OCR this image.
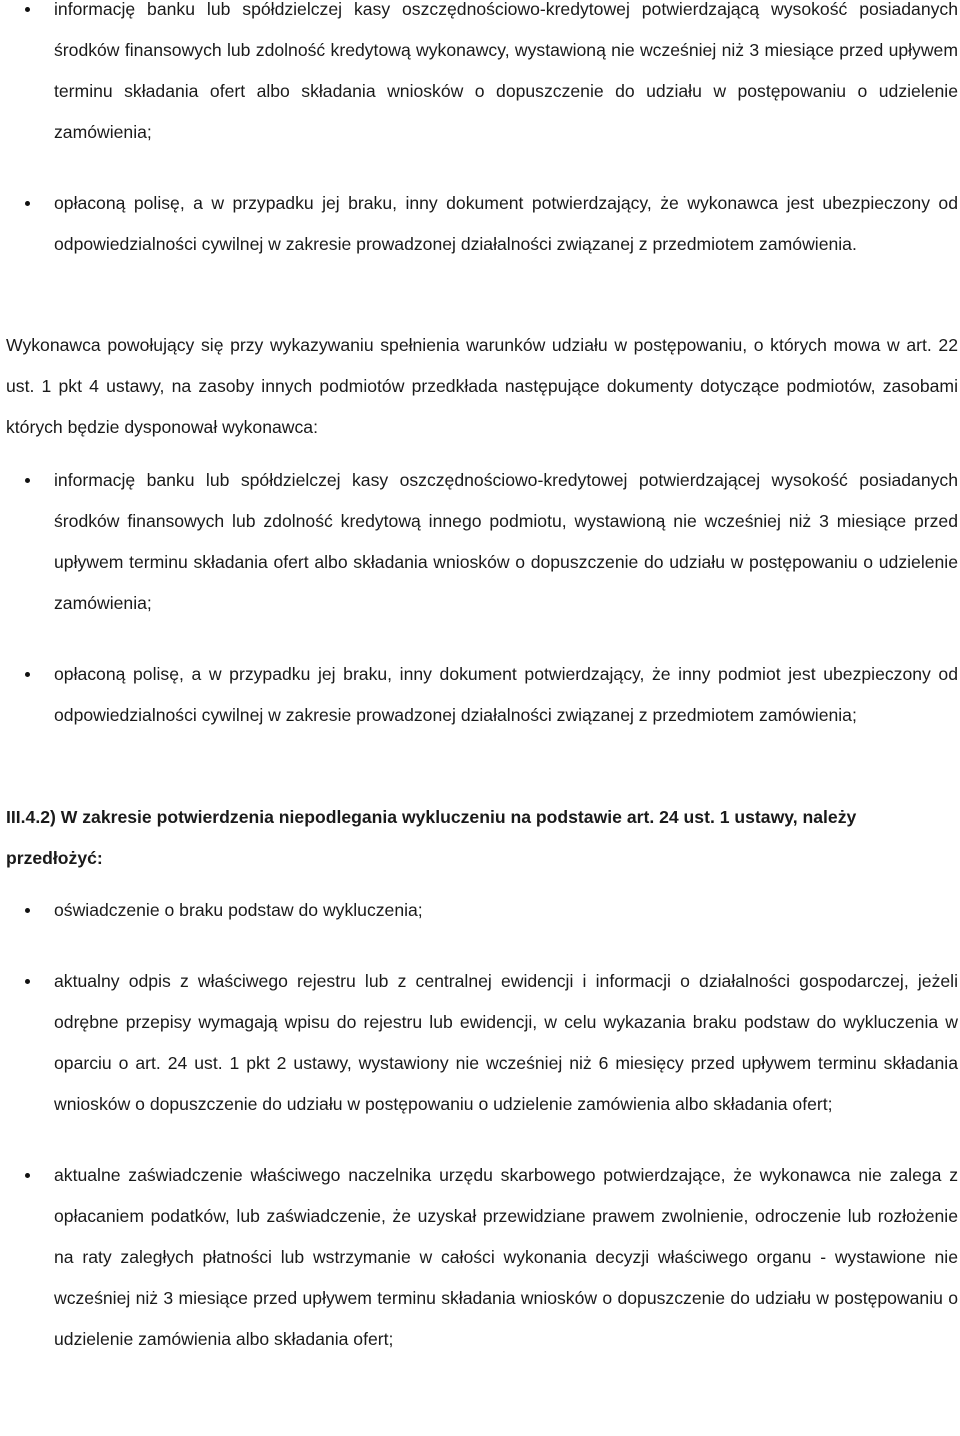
informację banku lub spółdzielczej kasy oszczędnościowo-kredytowej potwierdzającą wysokość posiadanych środków finansowych lub zdolność kredytową wykonawcy, wystawioną nie wcześniej niż 3 miesiące przed upływem terminu składania ofert albo składania wniosków o dopuszczenie do udziału w postępowaniu o udzielenie zamówienia;
opłaconą polisę, a w przypadku jej braku, inny dokument potwierdzający, że wykonawca jest ubezpieczony od odpowiedzialności cywilnej w zakresie prowadzonej działalności związanej z przedmiotem zamówienia.

Wykonawca powołujący się przy wykazywaniu spełnienia warunków udziału w postępowaniu, o których mowa w art. 22 ust. 1 pkt 4 ustawy, na zasoby innych podmiotów przedkłada następujące dokumenty dotyczące podmiotów, zasobami których będzie dysponował wykonawca:

informację banku lub spółdzielczej kasy oszczędnościowo-kredytowej potwierdzającej wysokość posiadanych środków finansowych lub zdolność kredytową innego podmiotu, wystawioną nie wcześniej niż 3 miesiące przed upływem terminu składania ofert albo składania wniosków o dopuszczenie do udziału w postępowaniu o udzielenie zamówienia;
opłaconą polisę, a w przypadku jej braku, inny dokument potwierdzający, że inny podmiot jest ubezpieczony od odpowiedzialności cywilnej w zakresie prowadzonej działalności związanej z przedmiotem zamówienia;

III.4.2) W zakresie potwierdzenia niepodlegania wykluczeniu na podstawie art. 24 ust. 1 ustawy, należy przedłożyć:

oświadczenie o braku podstaw do wykluczenia;
aktualny odpis z właściwego rejestru lub z centralnej ewidencji i informacji o działalności gospodarczej, jeżeli odrębne przepisy wymagają wpisu do rejestru lub ewidencji, w celu wykazania braku podstaw do wykluczenia w oparciu o art. 24 ust. 1 pkt 2 ustawy, wystawiony nie wcześniej niż 6 miesięcy przed upływem terminu składania wniosków o dopuszczenie do udziału w postępowaniu o udzielenie zamówienia albo składania ofert;
aktualne zaświadczenie właściwego naczelnika urzędu skarbowego potwierdzające, że wykonawca nie zalega z opłacaniem podatków, lub zaświadczenie, że uzyskał przewidziane prawem zwolnienie, odroczenie lub rozłożenie na raty zaległych płatności lub wstrzymanie w całości wykonania decyzji właściwego organu - wystawione nie wcześniej niż 3 miesiące przed upływem terminu składania wniosków o dopuszczenie do udziału w postępowaniu o udzielenie zamówienia albo składania ofert;
